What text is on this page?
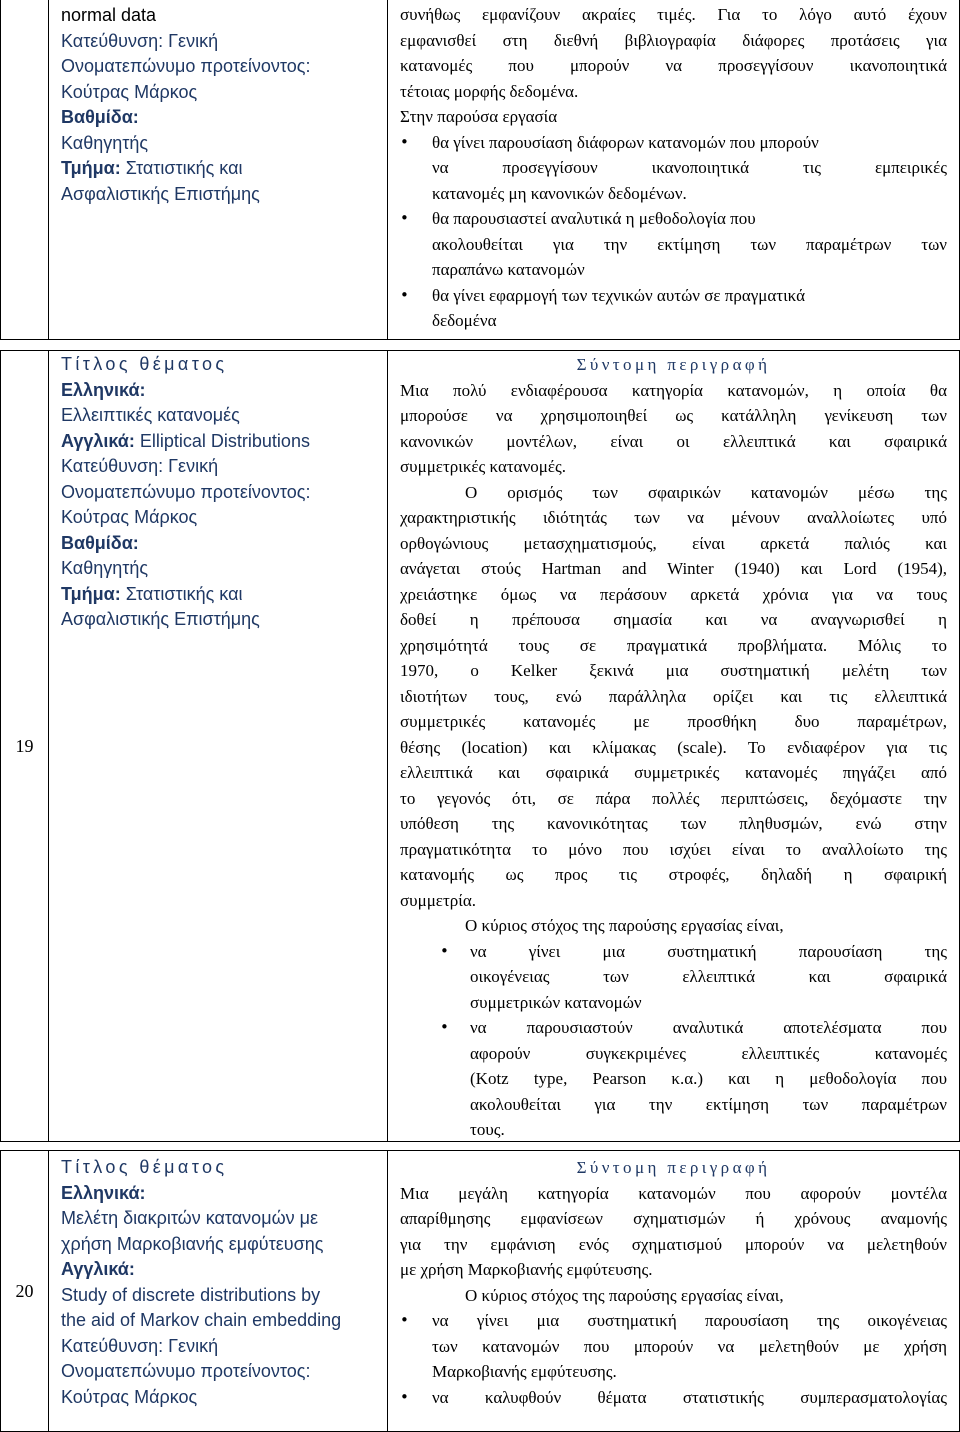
normal data
Κατεύθυνση: Γενική
Ονοματεπώνυμο προτείνοντος:
Κούτρας Μάρκος
Βαθμίδα:
Καθηγητής
Τμήμα: Στατιστικής και
Ασφαλιστικής Επιστήμης
συνήθως εμφανίζουν ακραίες τιμές. Για το λόγο αυτό έχουν
εμφανισθεί στη διεθνή βιβλιογραφία διάφορες προτάσεις για
κατανομές που μπορούν να προσεγγίσουν ικανοποιητικά
τέτοιας μορφής δεδομένα.
Στην παρούσα εργασία
• θα γίνει παρουσίαση διάφορων κατανομών που μπορούν
να προσεγγίσουν ικανοποιητικά τις εμπειρικές
κατανομές μη κανονικών δεδομένων.
• θα παρουσιαστεί αναλυτικά η μεθοδολογία που
ακολουθείται για την εκτίμηση των παραμέτρων των
παραπάνω κατανομών
• θα γίνει εφαρμογή των τεχνικών αυτών σε πραγματικά
δεδομένα
19
Τίτλος θέματος
Ελληνικά:
Ελλειπτικές κατανομές
Αγγλικά: Elliptical Distributions
Κατεύθυνση: Γενική
Ονοματεπώνυμο προτείνοντος:
Κούτρας Μάρκος
Βαθμίδα:
Καθηγητής
Τμήμα: Στατιστικής και
Ασφαλιστικής Επιστήμης
Σύντομη περιγραφή
Μια πολύ ενδιαφέρουσα κατηγορία κατανομών, η οποία θα
μπορούσε να χρησιμοποιηθεί ως κατάλληλη γενίκευση των
κανονικών μοντέλων, είναι οι ελλειπτικά και σφαιρικά
συμμετρικές κατανομές.
Ο ορισμός των σφαιρικών κατανομών μέσω της
χαρακτηριστικής ιδιότητάς των να μένουν αναλλοίωτες υπό
ορθογώνιους μετασχηματισμούς, είναι αρκετά παλιός και
ανάγεται στούς Hartman and Winter (1940) και Lord (1954),
χρειάστηκε όμως να περάσουν αρκετά χρόνια για να τους
δοθεί η πρέπουσα σημασία και να αναγνωρισθεί η
χρησιμότητά τους σε πραγματικά προβλήματα. Μόλις το
1970, ο Kelker ξεκινά μια συστηματική μελέτη των
ιδιοτήτων τους, ενώ παράλληλα ορίζει και τις ελλειπτικά
συμμετρικές κατανομές με προσθήκη δυο παραμέτρων,
θέσης (location) και κλίμακας (scale). Το ενδιαφέρον για τις
ελλειπτικά και σφαιρικά συμμετρικές κατανομές πηγάζει από
το γεγονός ότι, σε πάρα πολλές περιπτώσεις, δεχόμαστε την
υπόθεση της κανονικότητας των πληθυσμών, ενώ στην
πραγματικότητα το μόνο που ισχύει είναι το αναλλοίωτο της
κατανομής ως προς τις στροφές, δηλαδή η σφαιρική
συμμετρία.
Ο κύριος στόχος της παρούσης εργασίας είναι,
• να γίνει μια συστηματική παρουσίαση της
οικογένειας των ελλειπτικά και σφαιρικά
συμμετρικών κατανομών
• να παρουσιαστούν αναλυτικά αποτελέσματα που
αφορούν συγκεκριμένες ελλειπτικές κατανομές
(Kotz type, Pearson κ.α.) και η μεθοδολογία που
ακολουθείται για την εκτίμηση των παραμέτρων
τους.
20
Τίτλος θέματος
Ελληνικά:
Μελέτη διακριτών κατανομών με
χρήση Μαρκοβιανής εμφύτευσης
Αγγλικά:
Study of discrete distributions by
the aid of Markov chain embedding
Κατεύθυνση: Γενική
Ονοματεπώνυμο προτείνοντος:
Κούτρας Μάρκος
Σύντομη περιγραφή
Μια μεγάλη κατηγορία κατανομών που αφορούν μοντέλα
απαρίθμησης εμφανίσεων σχηματισμών ή χρόνους αναμονής
για την εμφάνιση ενός σχηματισμού μπορούν να μελετηθούν
με χρήση Μαρκοβιανής εμφύτευσης.
Ο κύριος στόχος της παρούσης εργασίας είναι,
• να γίνει μια συστηματική παρουσίαση της οικογένειας
των κατανομών που μπορούν να μελετηθούν με χρήση
Μαρκοβιανής εμφύτευσης.
• να καλυφθούν θέματα στατιστικής συμπερασματολογίας
